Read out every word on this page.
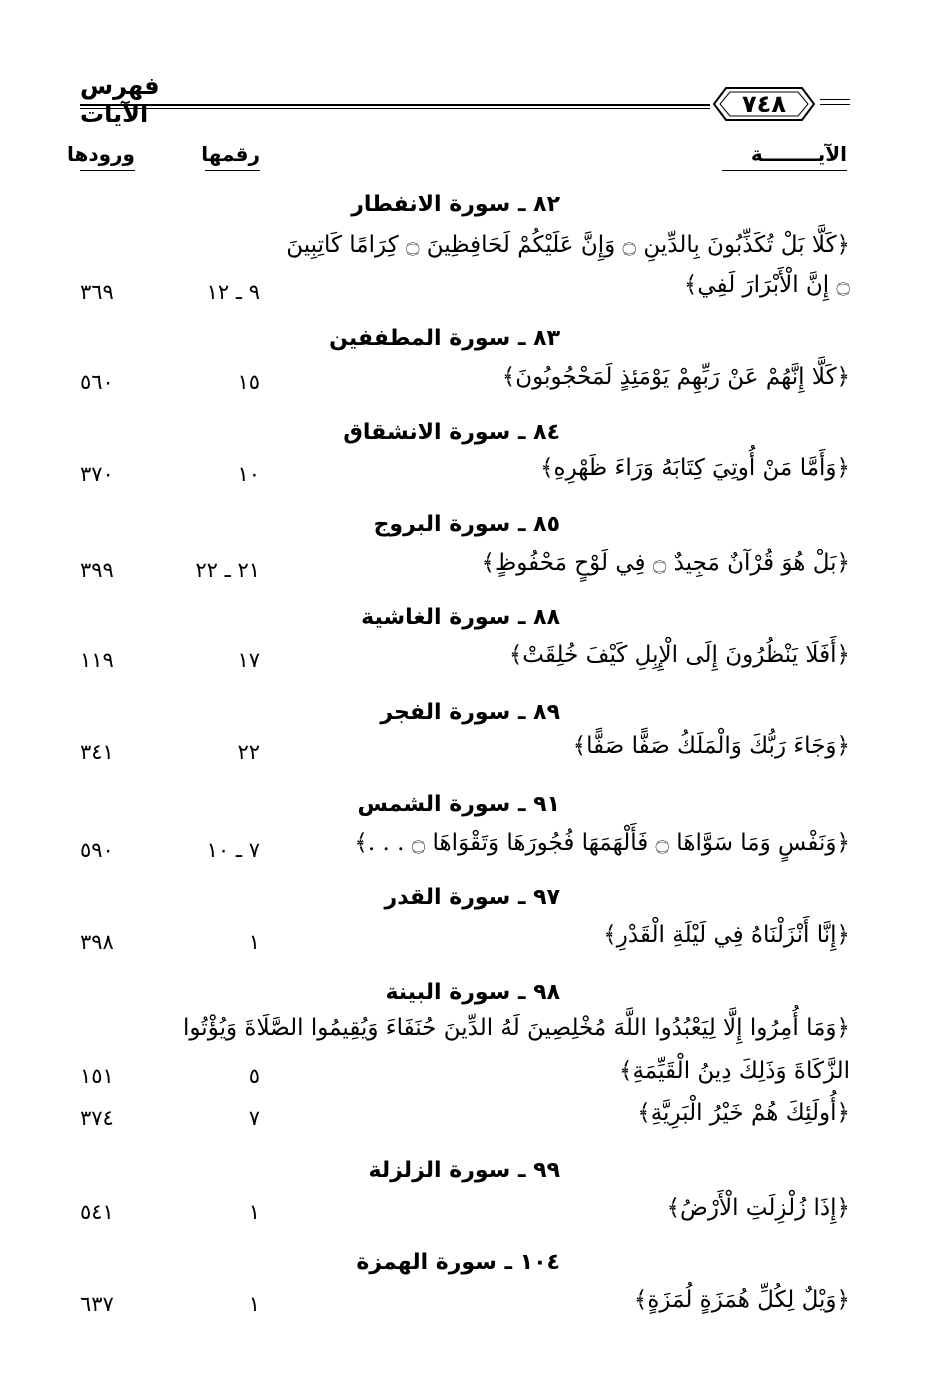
فهرس الآيات	٧٤٨
الآيــــــــة
رقمها
ورودها
٨٢ ـ سورة الانفطار
﴿كَلَّا بَلْ تُكَذِّبُونَ بِالدِّينِ ۝ وَإِنَّ عَلَيْكُمْ لَحَافِظِينَ ۝ كِرَامًا كَاتِبِينَ
۝ إِنَّ الْأَبْرَارَ لَفِي﴾
٩ ـ ١٢
٣٦٩
٨٣ ـ سورة المطففين
﴿كَلَّا إِنَّهُمْ عَنْ رَبِّهِمْ يَوْمَئِذٍ لَمَحْجُوبُونَ﴾
١٥
٥٦٠
٨٤ ـ سورة الانشقاق
﴿وَأَمَّا مَنْ أُوتِيَ كِتَابَهُ وَرَاءَ ظَهْرِهِ﴾
١٠
٣٧٠
٨٥ ـ سورة البروج
﴿بَلْ هُوَ قُرْآنٌ مَجِيدٌ ۝ فِي لَوْحٍ مَحْفُوظٍ﴾
٢١ ـ ٢٢
٣٩٩
٨٨ ـ سورة الغاشية
﴿أَفَلَا يَنْظُرُونَ إِلَى الْإِبِلِ كَيْفَ خُلِقَتْ﴾
١٧
١١٩
٨٩ ـ سورة الفجر
﴿وَجَاءَ رَبُّكَ وَالْمَلَكُ صَفًّا صَفًّا﴾
٢٢
٣٤١
٩١ ـ سورة الشمس
﴿وَنَفْسٍ وَمَا سَوَّاهَا ۝ فَأَلْهَمَهَا فُجُورَهَا وَتَقْوَاهَا ۝ . . .﴾
٧ ـ ١٠
٥٩٠
٩٧ ـ سورة القدر
﴿إِنَّا أَنْزَلْنَاهُ فِي لَيْلَةِ الْقَدْرِ﴾
١
٣٩٨
٩٨ ـ سورة البينة
﴿وَمَا أُمِرُوا إِلَّا لِيَعْبُدُوا اللَّهَ مُخْلِصِينَ لَهُ الدِّينَ حُنَفَاءَ وَيُقِيمُوا الصَّلَاةَ وَيُؤْتُوا
الزَّكَاةَ وَذَلِكَ دِينُ الْقَيِّمَةِ﴾
٥
١٥١
﴿أُولَئِكَ هُمْ خَيْرُ الْبَرِيَّةِ﴾
٧
٣٧٤
٩٩ ـ سورة الزلزلة
﴿إِذَا زُلْزِلَتِ الْأَرْضُ﴾
١
٥٤١
١٠٤ ـ سورة الهمزة
﴿وَيْلٌ لِكُلِّ هُمَزَةٍ لُمَزَةٍ﴾
١
٦٣٧
